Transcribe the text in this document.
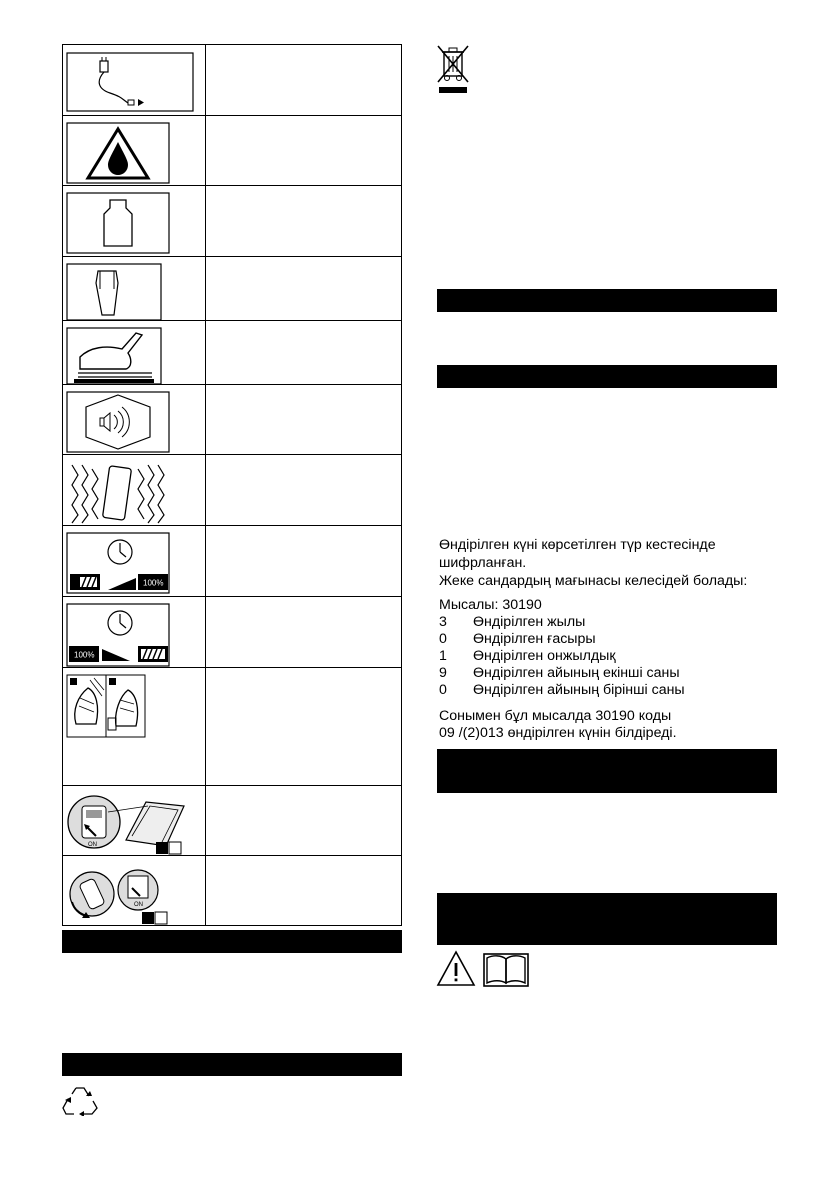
100%
100%
ON
ON
Өндірілген күні көрсетілген түр кестесінде
шифрланған.
Жеке сандардың мағынасы келесідей болады:
Мысалы: 30190
3 Өндірілген жылы
0 Өндірілген ғасыры
1 Өндірілген онжылдық
9 Өндірілген айының екінші саны
0 Өндірілген айының бірінші саны
Сонымен бұл мысалда 30190 коды
09 /(2)013 өндірілген күнін білдіреді.
